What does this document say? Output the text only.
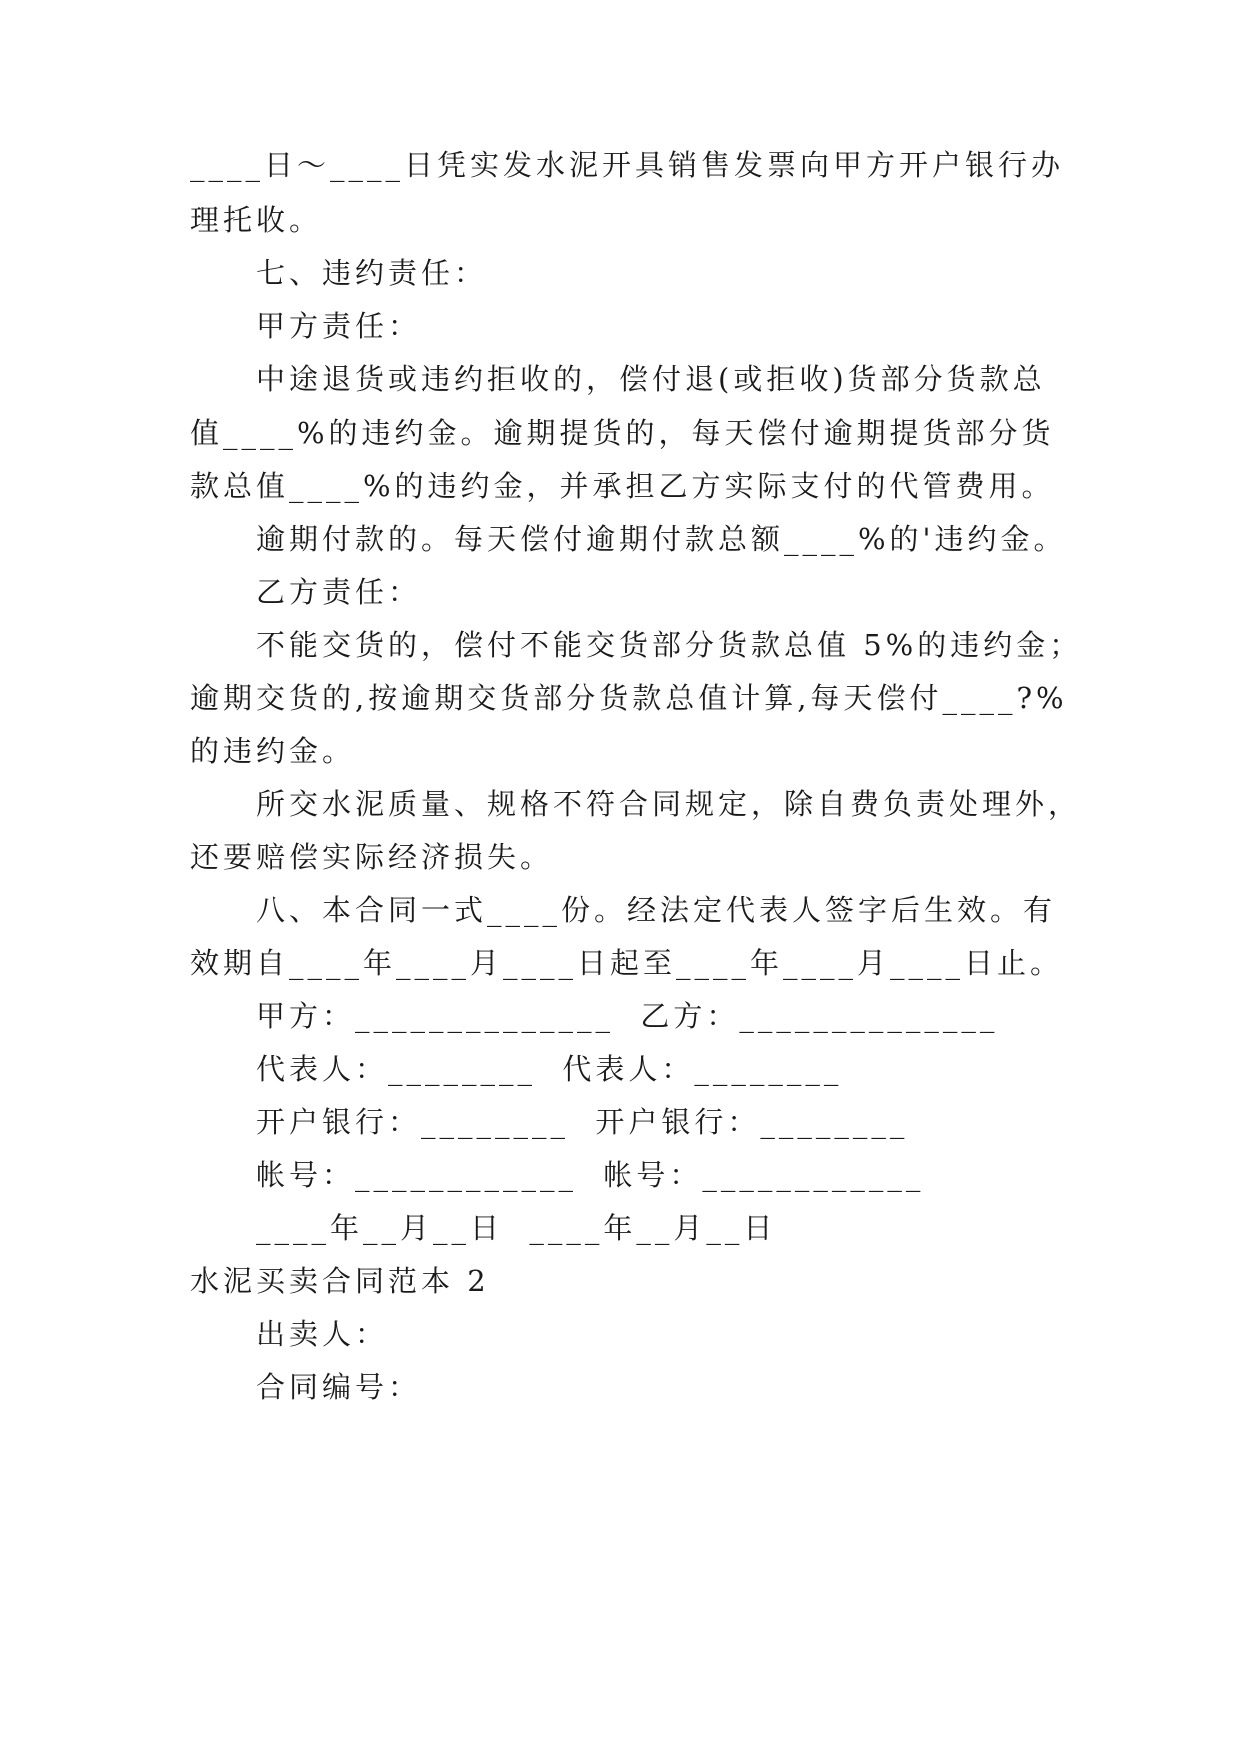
____日～____日凭实发水泥开具销售发票向甲方开户银行办
理托收。
七、违约责任：
甲方责任：
中途退货或违约拒收的，偿付退(或拒收)货部分货款总
值____%的违约金。逾期提货的，每天偿付逾期提货部分货
款总值____%的违约金，并承担乙方实际支付的代管费用。
逾期付款的。每天偿付逾期付款总额____%的'违约金。
乙方责任：
不能交货的，偿付不能交货部分货款总值 5%的违约金；
逾期交货的,按逾期交货部分货款总值计算,每天偿付____?%
的违约金。
所交水泥质量、规格不符合同规定，除自费负责处理外，
还要赔偿实际经济损失。
八、本合同一式____份。经法定代表人签字后生效。有
效期自____年____月____日起至____年____月____日止。
甲方：______________  乙方：______________
代表人：________  代表人：________
开户银行：________  开户银行：________
帐号：____________  帐号：____________
____年__月__日  ____年__月__日
水泥买卖合同范本 2
出卖人：
合同编号：
